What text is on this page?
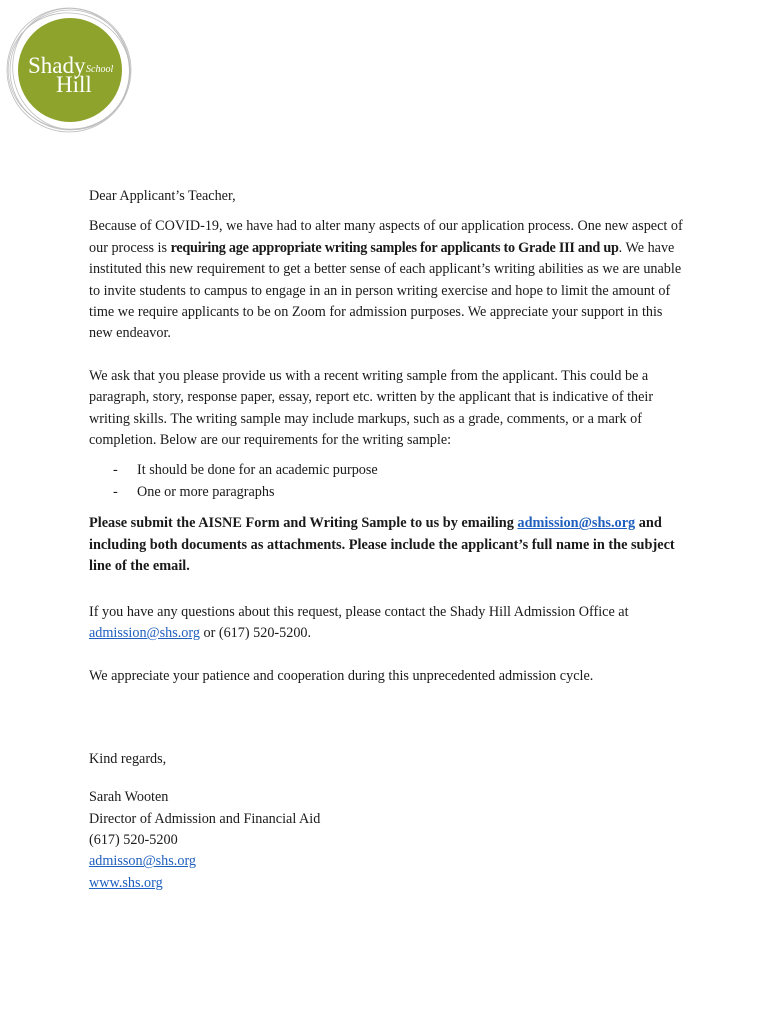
Shady School
Hill

Dear Applicant’s Teacher,

Because of COVID-19, we have had to alter many aspects of our application process. One new aspect of our process is requiring age appropriate writing samples for applicants to Grade III and up. We have instituted this new requirement to get a better sense of each applicant’s writing abilities as we are unable to invite students to campus to engage in an in person writing exercise and hope to limit the amount of time we require applicants to be on Zoom for admission purposes. We appreciate your support in this new endeavor.

We ask that you please provide us with a recent writing sample from the applicant. This could be a paragraph, story, response paper, essay, report etc. written by the applicant that is indicative of their writing skills. The writing sample may include markups, such as a grade, comments, or a mark of completion. Below are our requirements for the writing sample:

- It should be done for an academic purpose
- One or more paragraphs

Please submit the AISNE Form and Writing Sample to us by emailing admission@shs.org and including both documents as attachments. Please include the applicant’s full name in the subject line of the email.

If you have any questions about this request, please contact the Shady Hill Admission Office at admission@shs.org or (617) 520-5200.

We appreciate your patience and cooperation during this unprecedented admission cycle.

Kind regards,

Sarah Wooten

Director of Admission and Financial Aid

(617) 520-5200

admisson@shs.org

www.shs.org
